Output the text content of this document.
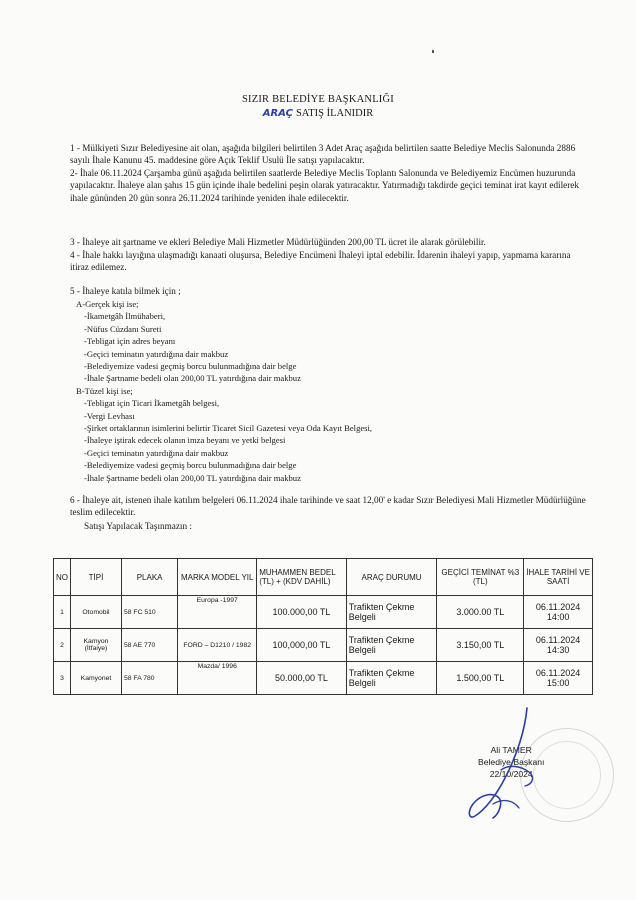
SIZIR BELEDİYE BAŞKANLIĞI
ARAÇ SATIŞ İLANIDIR
1 - Mülkiyeti Sızır Belediyesine ait olan, aşağıda bilgileri belirtilen 3 Adet Araç aşağıda belirtilen saatte Belediye Meclis Salonunda 2886 sayılı İhale Kanunu 45. maddesine göre Açık Teklif Usulü İle satışı yapılacaktır.
2- İhale 06.11.2024 Çarşamba günü aşağıda belirtilen saatlerde Belediye Meclis Toplantı Salonunda ve Belediyemiz Encümen huzurunda yapılacaktır. İhaleye alan şahıs 15 gün içinde ihale bedelini peşin olarak yatıracaktır. Yatırmadığı takdirde geçici teminat irat kayıt edilerek ihale gününden 20 gün sonra 26.11.2024 tarihinde yeniden ihale edilecektir.
3 - İhaleye ait şartname ve ekleri Belediye Mali Hizmetler Müdürlüğünden 200,00 TL ücret ile alarak görülebilir.
4 - İhale hakkı layığına ulaşmadığı kanaati oluşursa, Belediye Encümeni İhaleyi iptal edebilir. İdarenin ihaleyi yapıp, yapmama kararına itiraz edilemez.
5 - İhaleye katıla bilmek için ;
A-Gerçek kişi ise;
-İkametgâh İlmühaberi,
-Nüfus Cüzdanı Sureti
-Tebligat için adres beyanı
-Geçici teminatın yatırdığına dair makbuz
-Belediyemize vadesi geçmiş borcu bulunmadığına dair belge
-İhale Şartname bedeli olan 200,00 TL yatırdığına dair makbuz
B-Tüzel kişi ise;
-Tebligat için Ticari İkametgâh belgesi,
-Vergi Levhası
-Şirket ortaklarının isimlerini belirtir Ticaret Sicil Gazetesi veya Oda Kayıt Belgesi,
-İhaleye iştirak edecek olanın imza beyanı ve yetki belgesi
-Geçici teminatın yatırdığına dair makbuz
-Belediyemize vadesi geçmiş borcu bulunmadığına dair belge
-İhale Şartname bedeli olan 200,00 TL yatırdığına dair makbuz
6 - İhaleye ait, istenen ihale katılım belgeleri 06.11.2024 ihale tarihinde ve saat 12,00' e kadar Sızır Belediyesi Mali Hizmetler Müdürlüğüne teslim edilecektir.
Satışı Yapılacak Taşınmazın :
NO	TİPİ	PLAKA	MARKA MODEL YIL	MUHAMMEN BEDEL (TL) + (KDV DAHİL)	ARAÇ DURUMU	GEÇİCİ TEMİNAT %3 (TL)	İHALE TARİHİ VE SAATİ
1	Otomobil	58 FC 510	Europa -1997	100.000,00 TL	Trafikten Çekme Belgeli	3.000.00 TL	06.11.2024
14:00

2	Kamyon (İtfaiye)	58 AE 770	FORD – D1210 / 1982	100,000,00 TL	Trafikten Çekme Belgeli	3.150,00 TL	06.11.2024
14:30

3	Kamyonet	58 FA 780	Mazda/ 1996	50.000,00 TL	Trafikten Çekme Belgeli	1.500,00 TL	06.11.2024
15:00
Ali TAMER
Belediye Başkanı
22/10/2024
